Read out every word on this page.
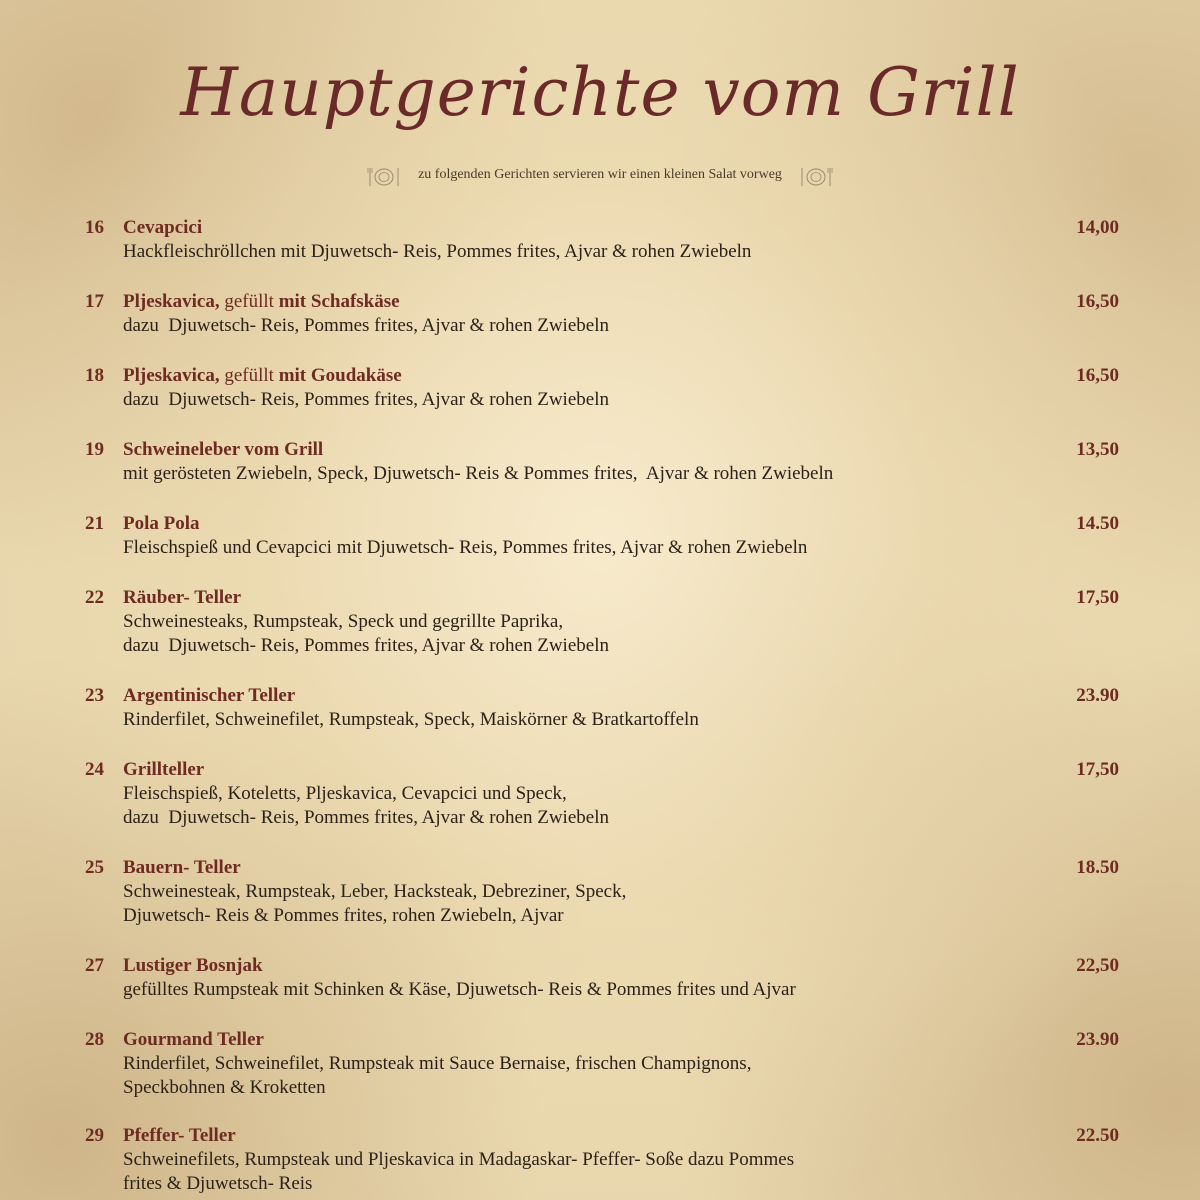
Hauptgerichte vom Grill
zu folgenden Gerichten servieren wir einen kleinen Salat vorweg
16	Cevapcici	14,00
Hackfleischröllchen mit Djuwetsch- Reis, Pommes frites, Ajvar & rohen Zwiebeln
17	Pljeskavica, gefüllt mit Schafskäse	16,50
dazu  Djuwetsch- Reis, Pommes frites, Ajvar & rohen Zwiebeln
18	Pljeskavica, gefüllt mit Goudakäse	16,50
dazu  Djuwetsch- Reis, Pommes frites, Ajvar & rohen Zwiebeln
19	Schweineleber vom Grill	13,50
mit gerösteten Zwiebeln, Speck, Djuwetsch- Reis & Pommes frites,  Ajvar & rohen Zwiebeln
21	Pola Pola	14.50
Fleischspieß und Cevapcici mit Djuwetsch- Reis, Pommes frites, Ajvar & rohen Zwiebeln
22	Räuber- Teller	17,50
Schweinesteaks, Rumpsteak, Speck und gegrillte Paprika,
dazu  Djuwetsch- Reis, Pommes frites, Ajvar & rohen Zwiebeln
23	Argentinischer Teller	23.90
Rinderfilet, Schweinefilet, Rumpsteak, Speck, Maiskörner & Bratkartoffeln
24	Grillteller	17,50
Fleischspieß, Koteletts, Pljeskavica, Cevapcici und Speck,
dazu  Djuwetsch- Reis, Pommes frites, Ajvar & rohen Zwiebeln
25	Bauern- Teller	18.50
Schweinesteak, Rumpsteak, Leber, Hacksteak, Debreziner, Speck,
Djuwetsch- Reis & Pommes frites, rohen Zwiebeln, Ajvar
27	Lustiger Bosnjak	22,50
gefülltes Rumpsteak mit Schinken & Käse, Djuwetsch- Reis & Pommes frites und Ajvar
28	Gourmand Teller	23.90
Rinderfilet, Schweinefilet, Rumpsteak mit Sauce Bernaise, frischen Champignons,
Speckbohnen & Kroketten
29	Pfeffer- Teller	22.50
Schweinefilets, Rumpsteak und Pljeskavica in Madagaskar- Pfeffer- Soße dazu Pommes
frites & Djuwetsch- Reis
